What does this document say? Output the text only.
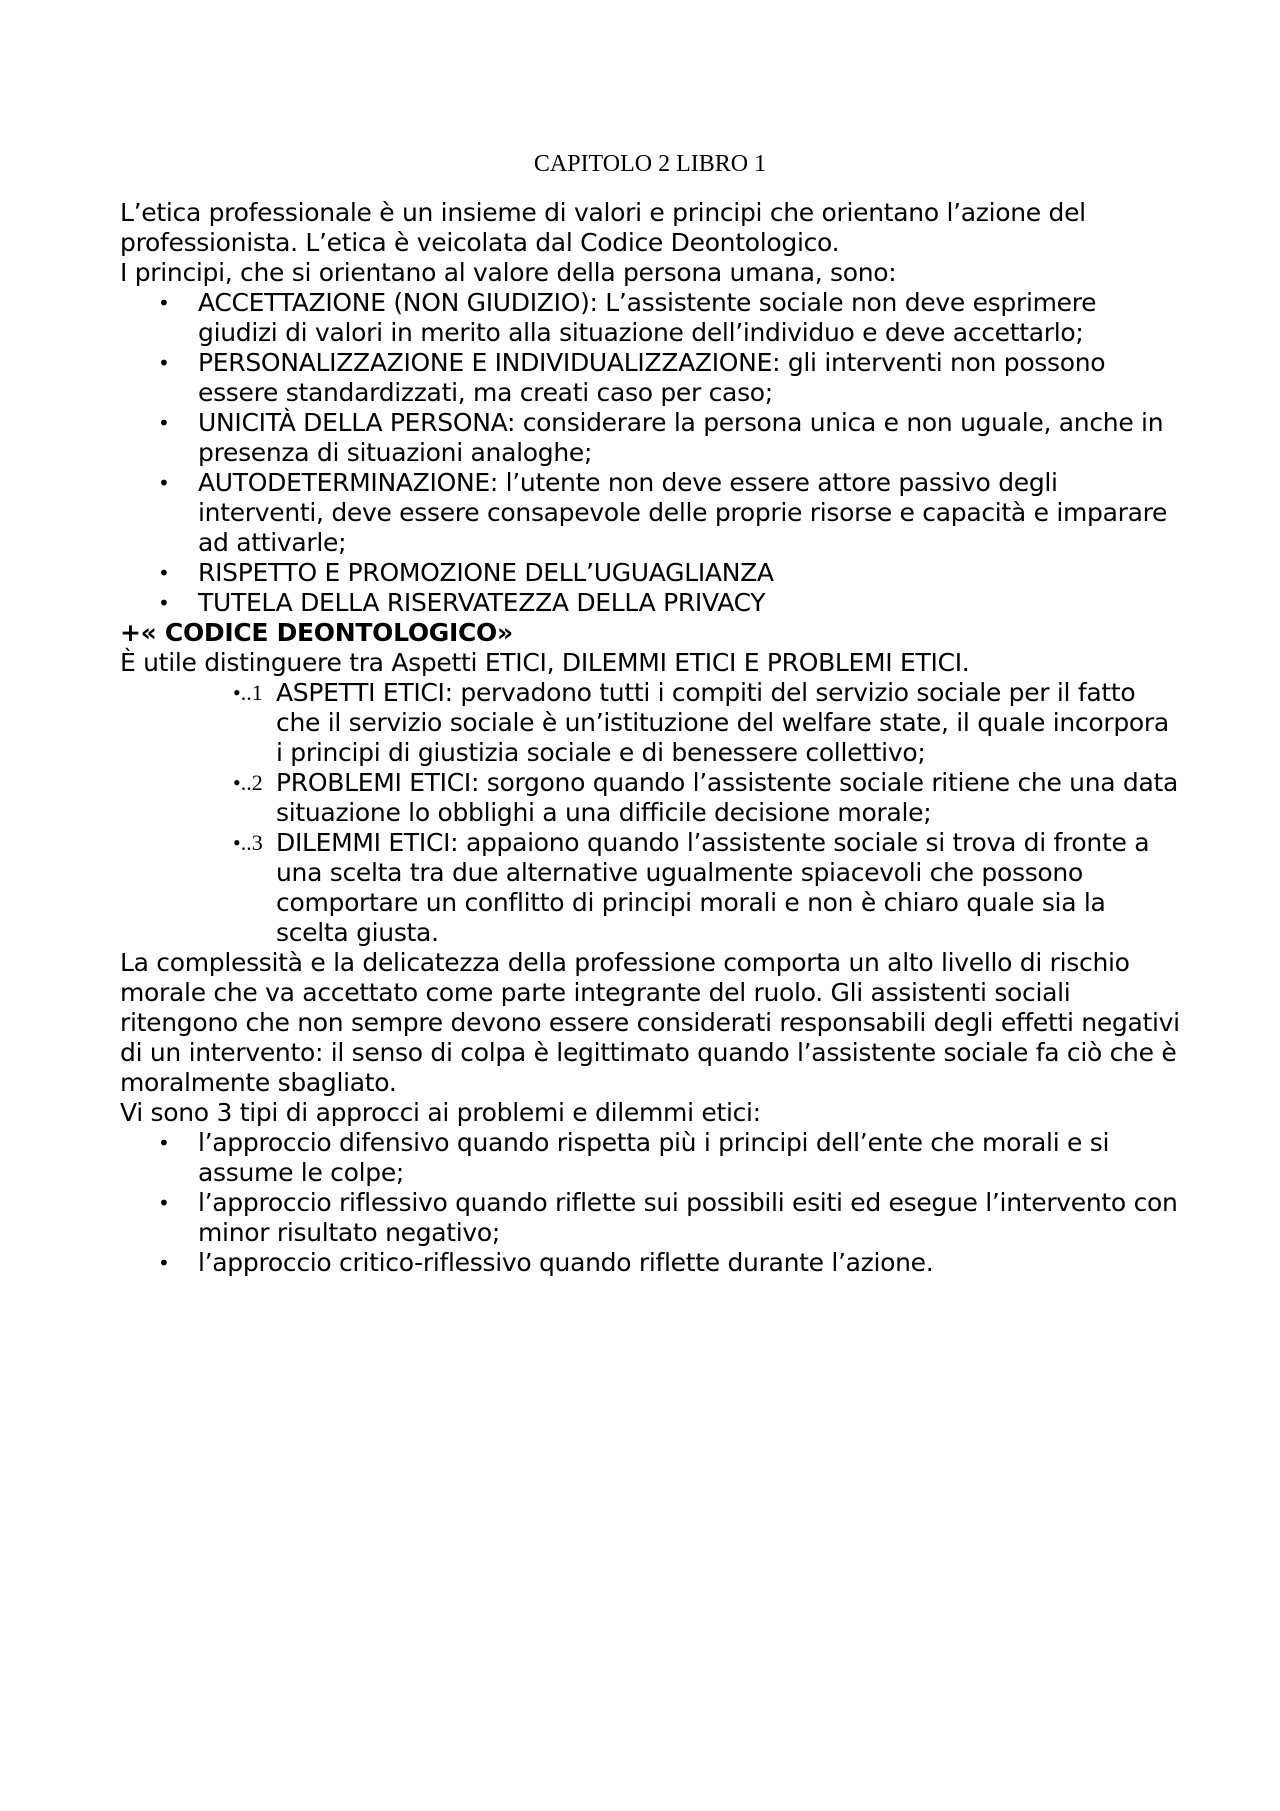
CAPITOLO 2 LIBRO 1

L’etica professionale è un insieme di valori e principi che orientano l’azione del professionista. L’etica è veicolata dal Codice Deontologico.

I principi, che si orientano al valore della persona umana, sono:

• ACCETTAZIONE (NON GIUDIZIO): L’assistente sociale non deve esprimere giudizi di valori in merito alla situazione dell’individuo e deve accettarlo;
• PERSONALIZZAZIONE E INDIVIDUALIZZAZIONE: gli interventi non possono essere standardizzati, ma creati caso per caso;
• UNICITÀ DELLA PERSONA: considerare la persona unica e non uguale, anche in presenza di situazioni analoghe;
• AUTODETERMINAZIONE: l’utente non deve essere attore passivo degli interventi, deve essere consapevole delle proprie risorse e capacità e imparare ad attivarle;
• RISPETTO E PROMOZIONE DELL’UGUAGLIANZA
• TUTELA DELLA RISERVATEZZA DELLA PRIVACY

+« CODICE DEONTOLOGICO»

È utile distinguere tra Aspetti ETICI, DILEMMI ETICI E PROBLEMI ETICI.

•..1 ASPETTI ETICI: pervadono tutti i compiti del servizio sociale per il fatto che il servizio sociale è un’istituzione del welfare state, il quale incorpora i principi di giustizia sociale e di benessere collettivo;
•..2 PROBLEMI ETICI: sorgono quando l’assistente sociale ritiene che una data situazione lo obblighi a una difficile decisione morale;
•..3 DILEMMI ETICI: appaiono quando l’assistente sociale si trova di fronte a una scelta tra due alternative ugualmente spiacevoli che possono comportare un conflitto di principi morali e non è chiaro quale sia la scelta giusta.

La complessità e la delicatezza della professione comporta un alto livello di rischio morale che va accettato come parte integrante del ruolo. Gli assistenti sociali ritengono che non sempre devono essere considerati responsabili degli effetti negativi di un intervento: il senso di colpa è legittimato quando l’assistente sociale fa ciò che è moralmente sbagliato.

Vi sono 3 tipi di approcci ai problemi e dilemmi etici:

• l’approccio difensivo quando rispetta più i principi dell’ente che morali e si assume le colpe;
• l’approccio riflessivo quando riflette sui possibili esiti ed esegue l’intervento con minor risultato negativo;
• l’approccio critico-riflessivo quando riflette durante l’azione.
